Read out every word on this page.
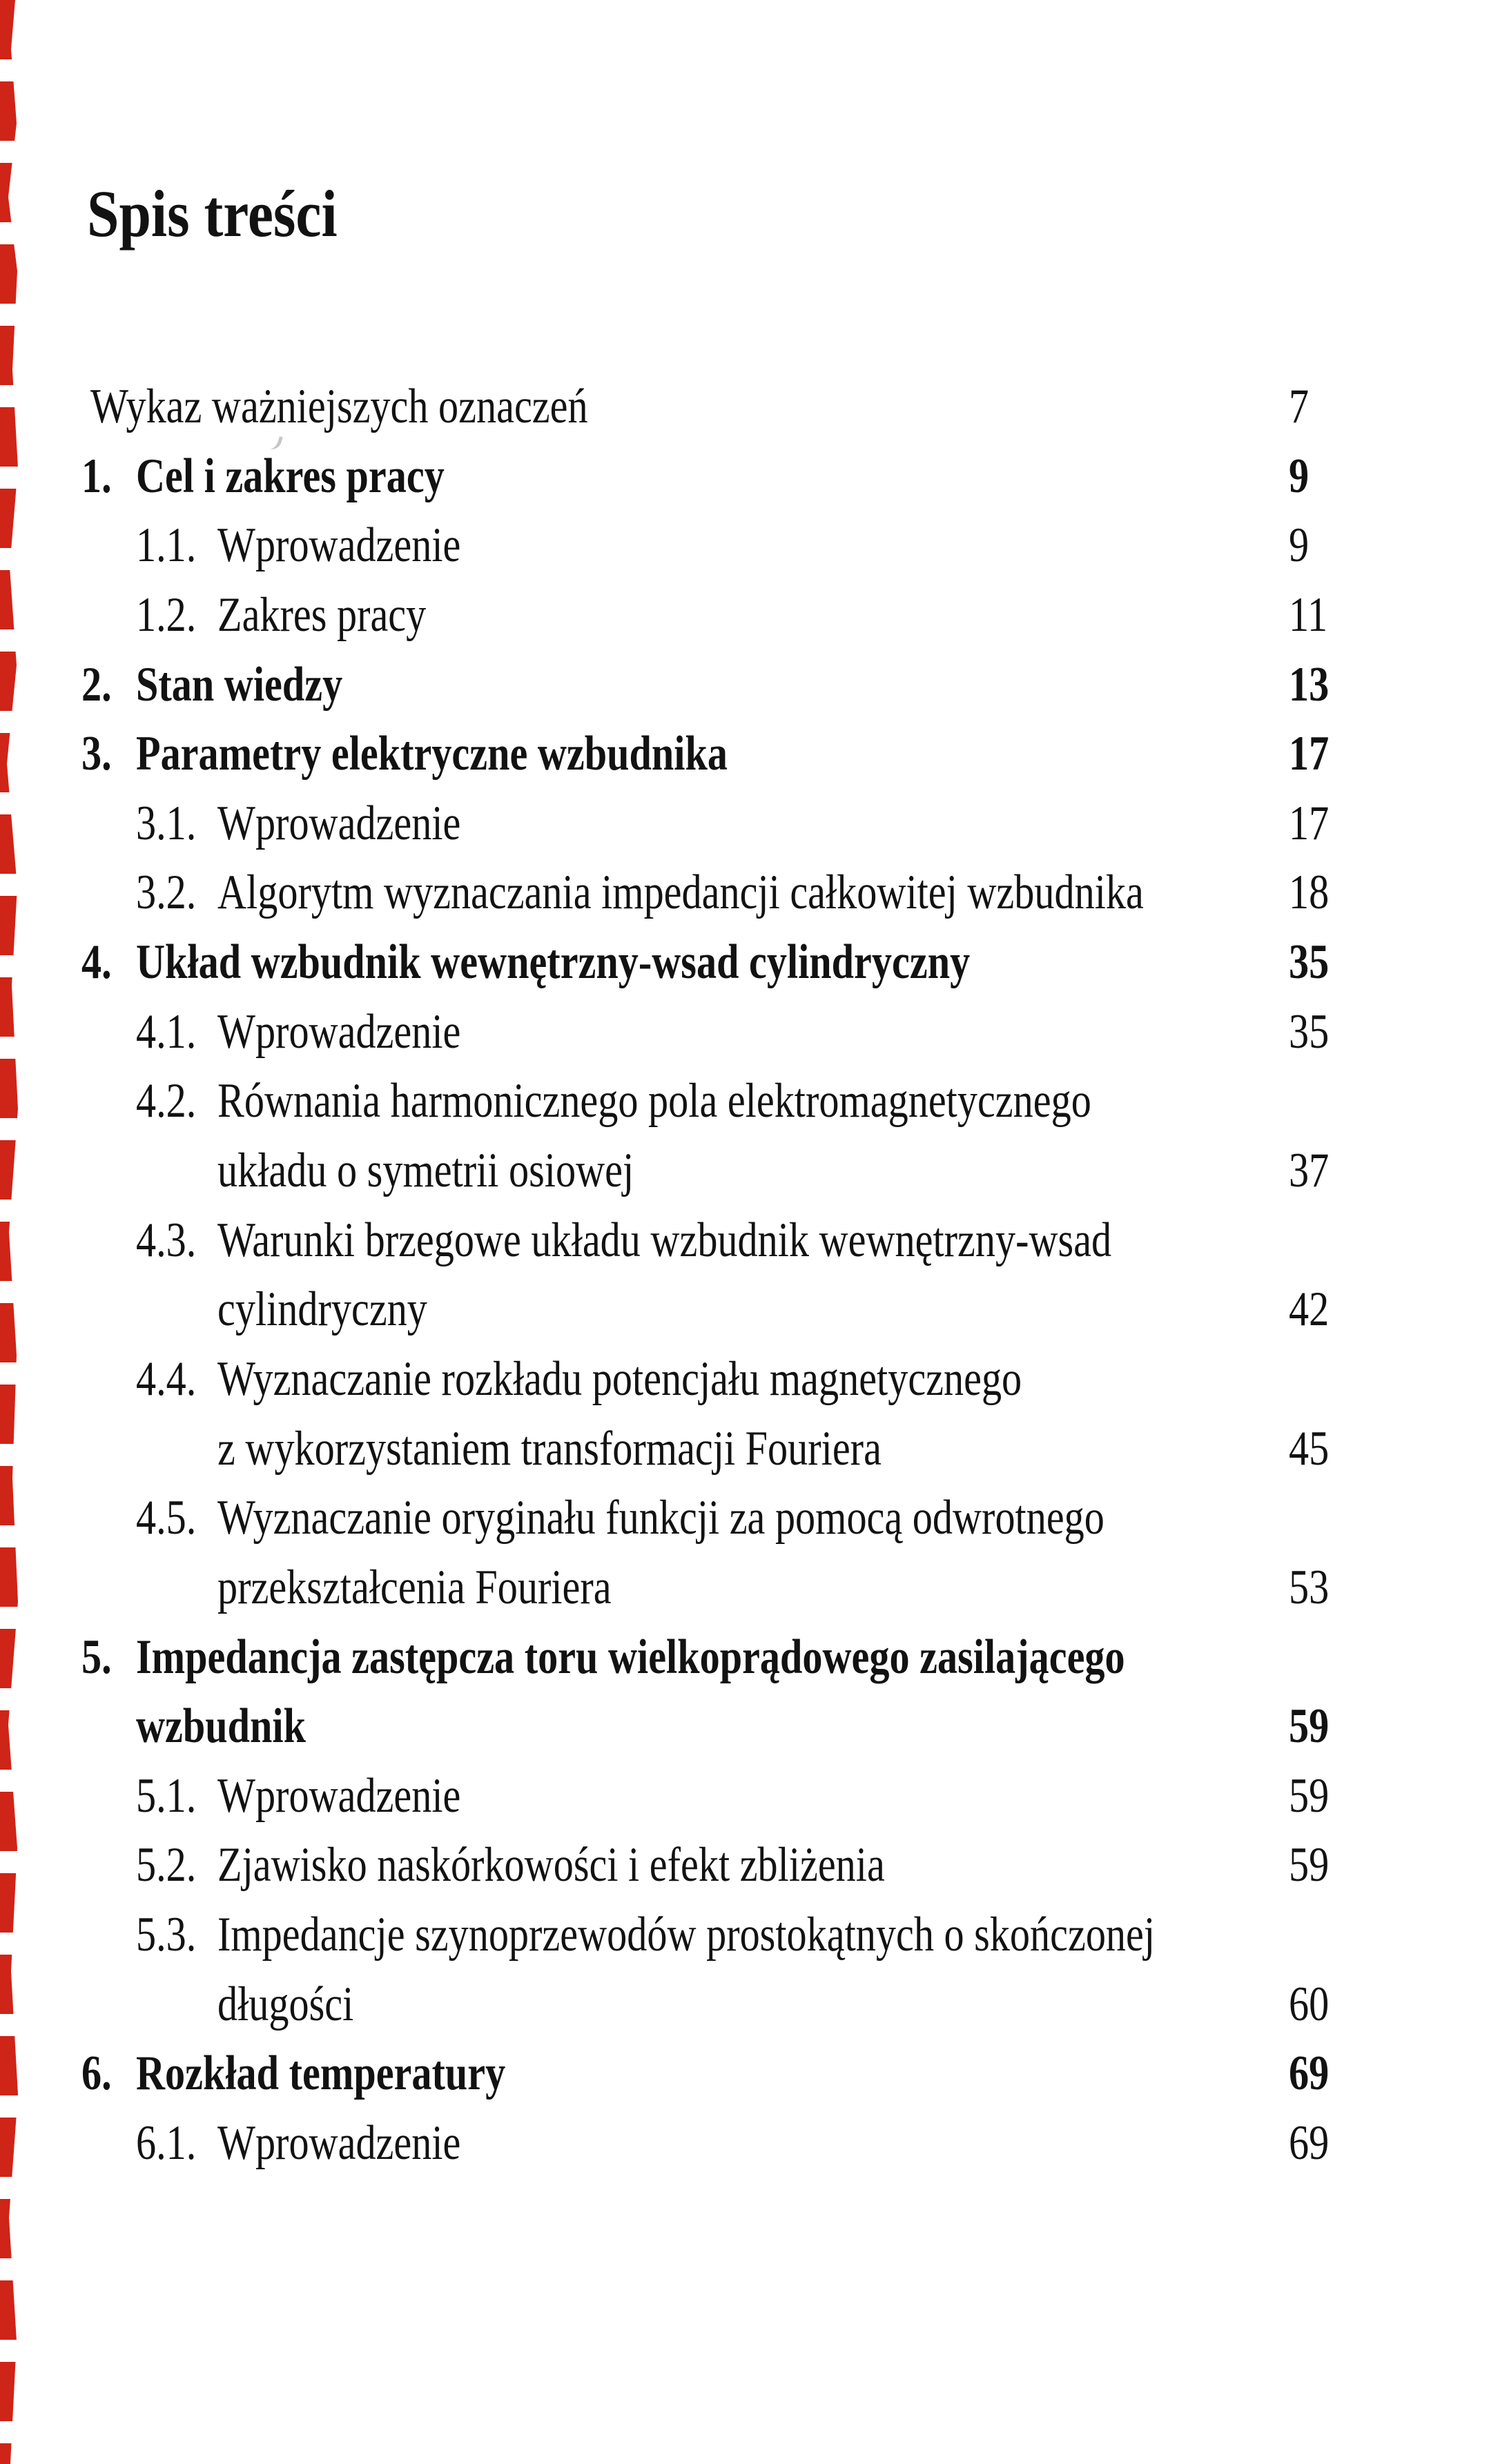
Spis treści
Wykaz ważniejszych oznaczeń	7
1. Cel i zakres pracy	9
1.1. Wprowadzenie	9
1.2. Zakres pracy	11
2. Stan wiedzy	13
3. Parametry elektryczne wzbudnika	17
3.1. Wprowadzenie	17
3.2. Algorytm wyznaczania impedancji całkowitej wzbudnika	18
4. Układ wzbudnik wewnętrzny-wsad cylindryczny	35
4.1. Wprowadzenie	35
4.2. Równania harmonicznego pola elektromagnetycznego
układu o symetrii osiowej	37
4.3. Warunki brzegowe układu wzbudnik wewnętrzny-wsad
cylindryczny	42
4.4. Wyznaczanie rozkładu potencjału magnetycznego
z wykorzystaniem transformacji Fouriera	45
4.5. Wyznaczanie oryginału funkcji za pomocą odwrotnego
przekształcenia Fouriera	53
5. Impedancja zastępcza toru wielkoprądowego zasilającego
wzbudnik	59
5.1. Wprowadzenie	59
5.2. Zjawisko naskórkowości i efekt zbliżenia	59
5.3. Impedancje szynoprzewodów prostokątnych o skończonej
długości	60
6. Rozkład temperatury	69
6.1. Wprowadzenie	69
